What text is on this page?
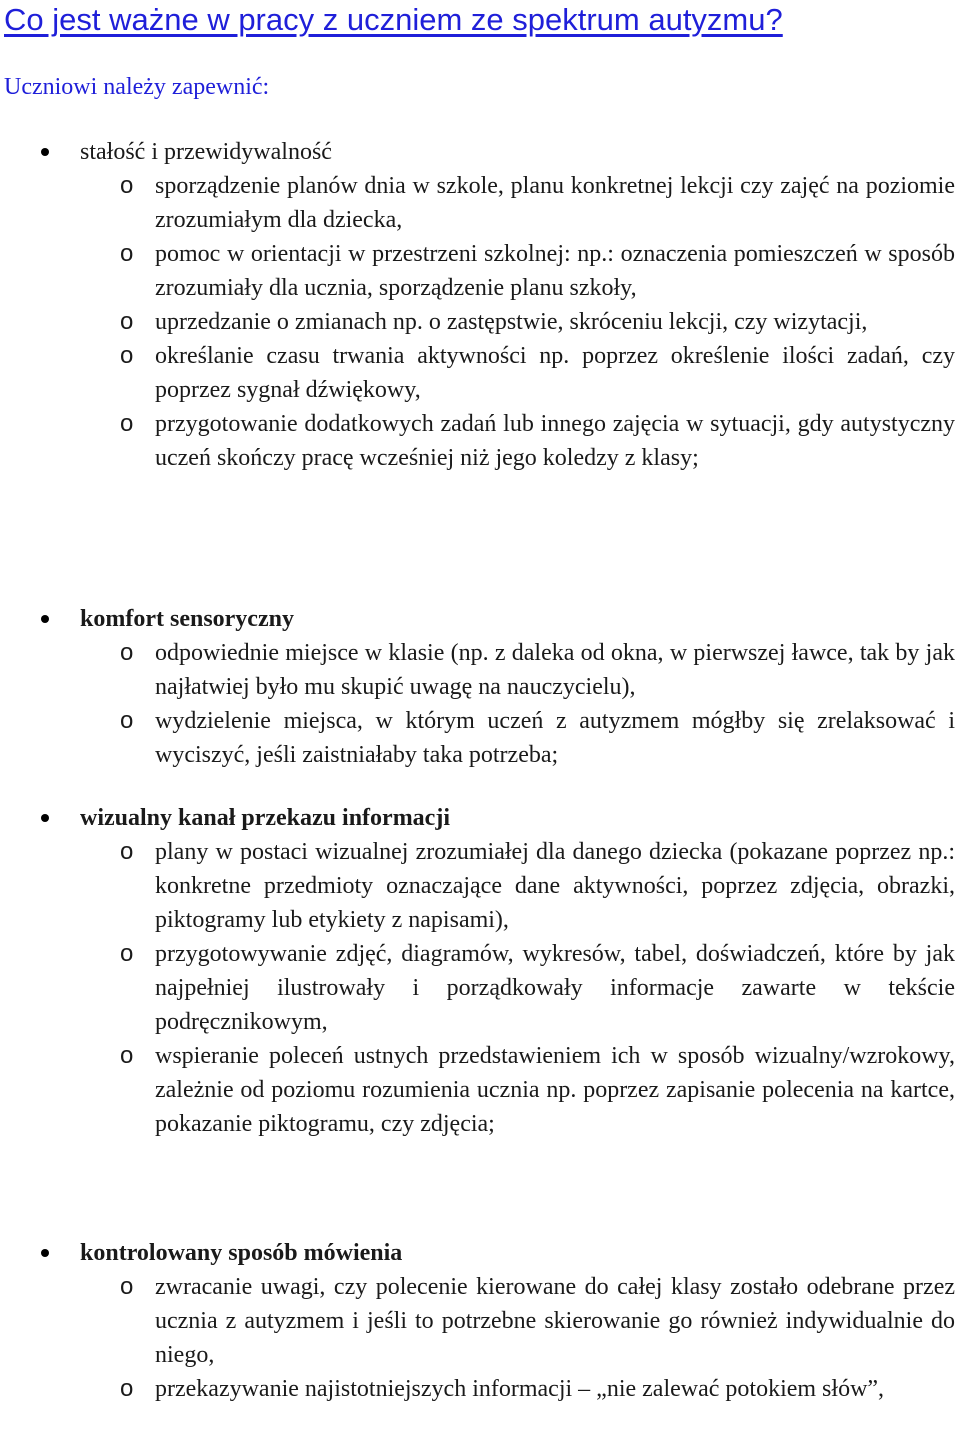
Co jest ważne w pracy z uczniem ze spektrum autyzmu?
Uczniowi należy zapewnić:
stałość i przewidywalność
o sporządzenie planów dnia w szkole, planu konkretnej lekcji czy zajęć na poziomie zrozumiałym dla dziecka,
o pomoc w orientacji w przestrzeni szkolnej: np.: oznaczenia pomieszczeń w sposób zrozumiały dla ucznia, sporządzenie planu szkoły,
o uprzedzanie o zmianach np. o zastępstwie, skróceniu lekcji, czy wizytacji,
o określanie czasu trwania aktywności np. poprzez określenie ilości zadań, czy poprzez sygnał dźwiękowy,
o przygotowanie dodatkowych zadań lub innego zajęcia w sytuacji, gdy autystyczny uczeń skończy pracę wcześniej niż jego koledzy z klasy;
komfort sensoryczny
o odpowiednie miejsce w klasie (np. z daleka od okna, w pierwszej ławce, tak by jak najłatwiej było mu skupić uwagę na nauczycielu),
o wydzielenie miejsca, w którym uczeń z autyzmem mógłby się zrelaksować i wyciszyć, jeśli zaistniałaby taka potrzeba;
wizualny kanał przekazu informacji
o plany w postaci wizualnej zrozumiałej dla danego dziecka (pokazane poprzez np.: konkretne przedmioty oznaczające dane aktywności, poprzez zdjęcia, obrazki, piktogramy lub etykiety z napisami),
o przygotowywanie zdjęć, diagramów, wykresów, tabel, doświadczeń, które by jak najpełniej ilustrowały i porządkowały informacje zawarte w tekście podręcznikowym,
o wspieranie poleceń ustnych przedstawieniem ich w sposób wizualny/wzrokowy, zależnie od poziomu rozumienia ucznia np. poprzez zapisanie polecenia na kartce, pokazanie piktogramu, czy zdjęcia;
kontrolowany sposób mówienia
o zwracanie uwagi, czy polecenie kierowane do całej klasy zostało odebrane przez ucznia z autyzmem i jeśli to potrzebne skierowanie go również indywidualnie do niego,
o przekazywanie najistotniejszych informacji – „nie zalewać potokiem słów”,
